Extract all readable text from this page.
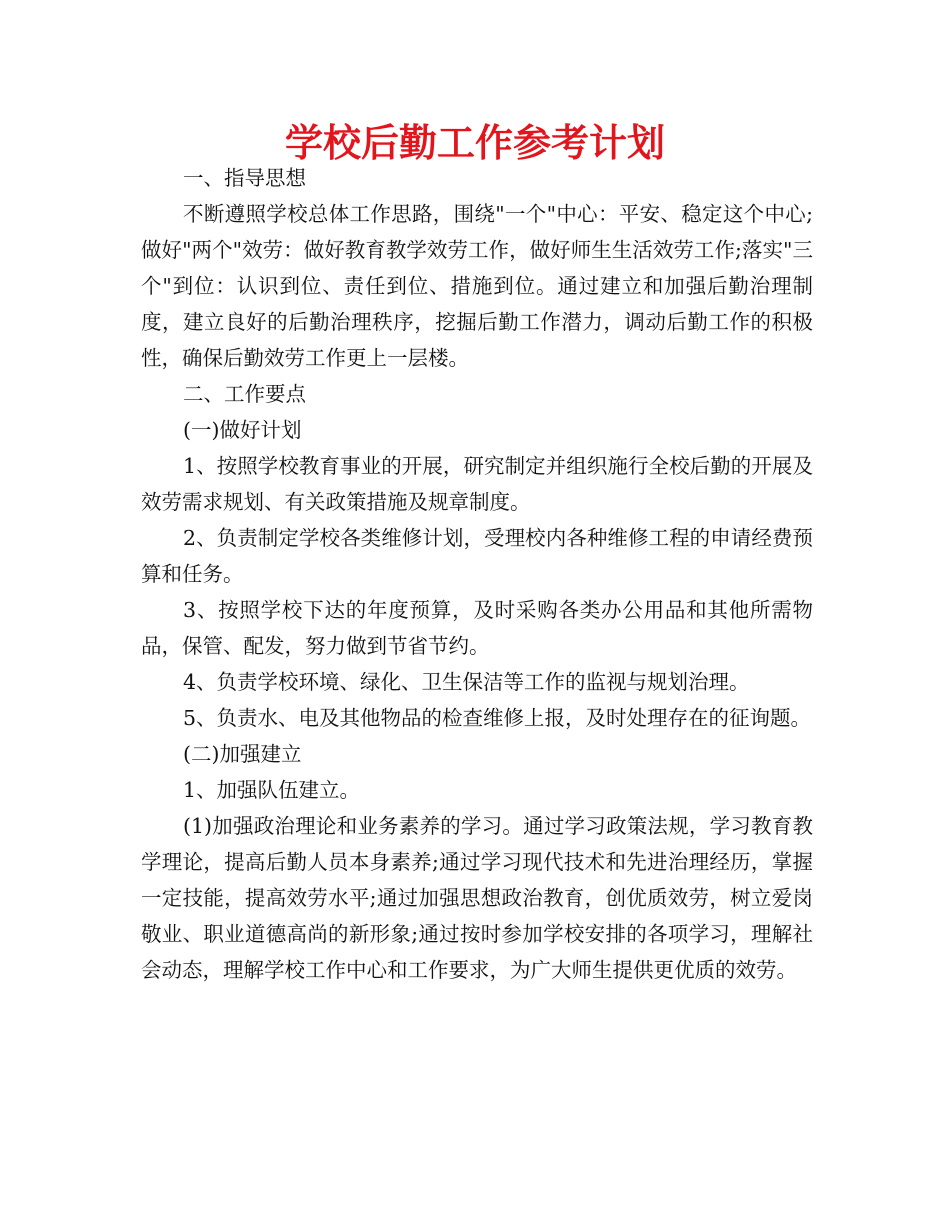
学校后勤工作参考计划

一、指导思想

不断遵照学校总体工作思路，围绕"一个"中心：平安、稳定这个中心;做好"两个"效劳：做好教育教学效劳工作，做好师生生活效劳工作;落实"三个"到位：认识到位、责任到位、措施到位。通过建立和加强后勤治理制度，建立良好的后勤治理秩序，挖掘后勤工作潜力，调动后勤工作的积极性，确保后勤效劳工作更上一层楼。

二、工作要点

(一)做好计划

1、按照学校教育事业的开展，研究制定并组织施行全校后勤的开展及效劳需求规划、有关政策措施及规章制度。

2、负责制定学校各类维修计划，受理校内各种维修工程的申请经费预算和任务。

3、按照学校下达的年度预算，及时采购各类办公用品和其他所需物品，保管、配发，努力做到节省节约。

4、负责学校环境、绿化、卫生保洁等工作的监视与规划治理。

5、负责水、电及其他物品的检查维修上报，及时处理存在的征询题。

(二)加强建立

1、加强队伍建立。

(1)加强政治理论和业务素养的学习。通过学习政策法规，学习教育教学理论，提高后勤人员本身素养;通过学习现代技术和先进治理经历，掌握一定技能，提高效劳水平;通过加强思想政治教育，创优质效劳，树立爱岗敬业、职业道德高尚的新形象;通过按时参加学校安排的各项学习，理解社会动态，理解学校工作中心和工作要求，为广大师生提供更优质的效劳。
